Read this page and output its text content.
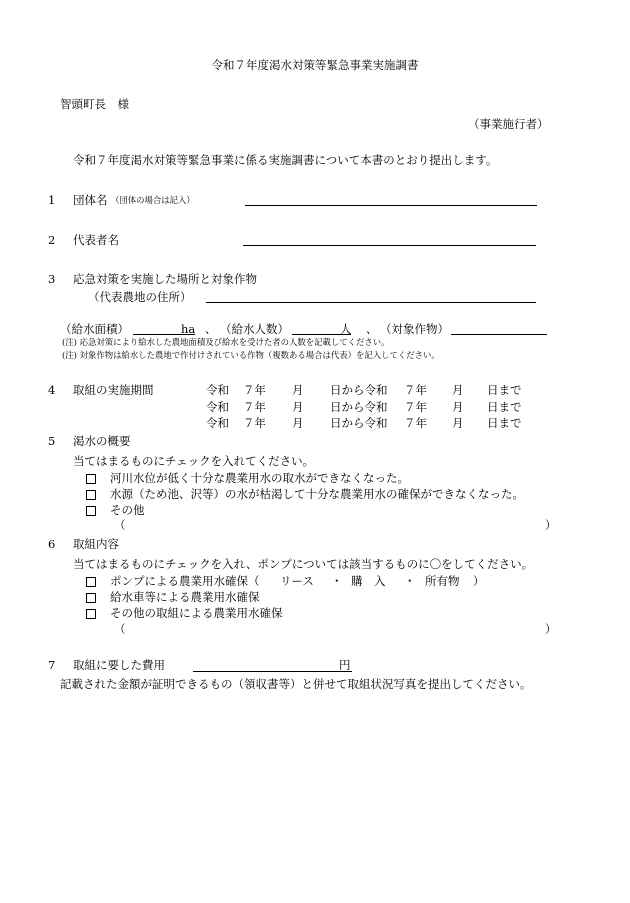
令和７年度渇水対策等緊急事業実施調書
智頭町長　様
（事業施行者）
令和７年度渇水対策等緊急事業に係る実施調書について本書のとおり提出します。
1 団体名 （団体の場合は記入）
2 代表者名
3 応急対策を実施した場所と対象作物
（代表農地の住所）
（給水面積）	ha 、 （給水人数）	人 、 （対象作物）
(注) 応急対策により給水した農地面積及び給水を受けた者の人数を記載してください。
(注) 対象作物は給水した農地で作付けされている作物（複数ある場合は代表）を記入してください。
4 取組の実施期間	令和 ７年 月 日から令和 ７年 月 日まで
令和 ７年 月 日から令和 ７年 月 日まで
令和 ７年 月 日から令和 ７年 月 日まで
5 渇水の概要
当てはまるものにチェックを入れてください。
河川水位が低く十分な農業用水の取水ができなくなった。
水源（ため池、沢等）の水が枯渇して十分な農業用水の確保ができなくなった。
その他
（	）
6 取組内容
当てはまるものにチェックを入れ、ポンプについては該当するものに〇をしてください。
ポンプによる農業用水確保（ リース ・ 購　入 ・ 所有物 ）
給水車等による農業用水確保
その他の取組による農業用水確保
（	）
7 取組に要した費用	円
記載された金額が証明できるもの（領収書等）と併せて取組状況写真を提出してください。
